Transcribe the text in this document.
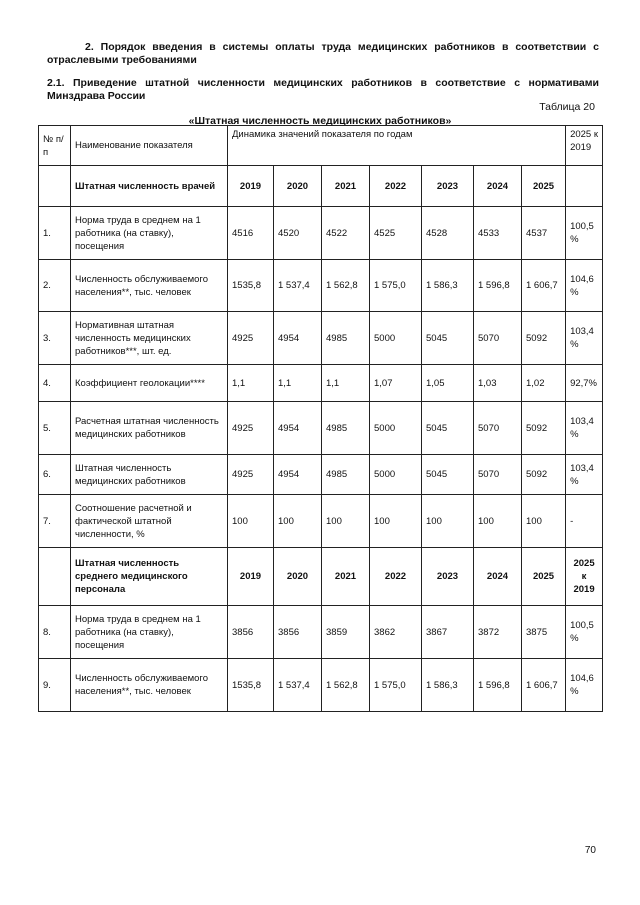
2. Порядок введения в системы оплаты труда медицинских работников в соответствии с отраслевыми требованиями
2.1. Приведение штатной численности медицинских работников в соответствие с нормативами Минздрава России
Таблица 20
«Штатная численность медицинских работников»
№ п/п	Наименование показателя	Динамика значений показателя по годам							2025 к 2019
	Штатная численность врачей	2019	2020	2021	2022	2023	2024	2025	
1.	Норма труда в среднем на 1 работника (на ставку), посещения	4516	4520	4522	4525	4528	4533	4537	100,5%
2.	Численность обслуживаемого населения**, тыс. человек	1535,8	1 537,4	1 562,8	1 575,0	1 586,3	1 596,8	1 606,7	104,6%
3.	Нормативная штатная численность медицинских работников***, шт. ед.	4925	4954	4985	5000	5045	5070	5092	103,4%
4.	Коэффициент геолокации****	1,1	1,1	1,1	1,07	1,05	1,03	1,02	92,7%
5.	Расчетная штатная численность медицинских работников	4925	4954	4985	5000	5045	5070	5092	103,4%
6.	Штатная численность медицинских работников	4925	4954	4985	5000	5045	5070	5092	103,4%
7.	Соотношение расчетной и фактической штатной численности, %	100	100	100	100	100	100	100	-
	Штатная численность среднего медицинского персонала	2019	2020	2021	2022	2023	2024	2025	2025 к 2019
8.	Норма труда в среднем на 1 работника (на ставку), посещения	3856	3856	3859	3862	3867	3872	3875	100,5%
9.	Численность обслуживаемого населения**, тыс. человек	1535,8	1 537,4	1 562,8	1 575,0	1 586,3	1 596,8	1 606,7	104,6%
70
